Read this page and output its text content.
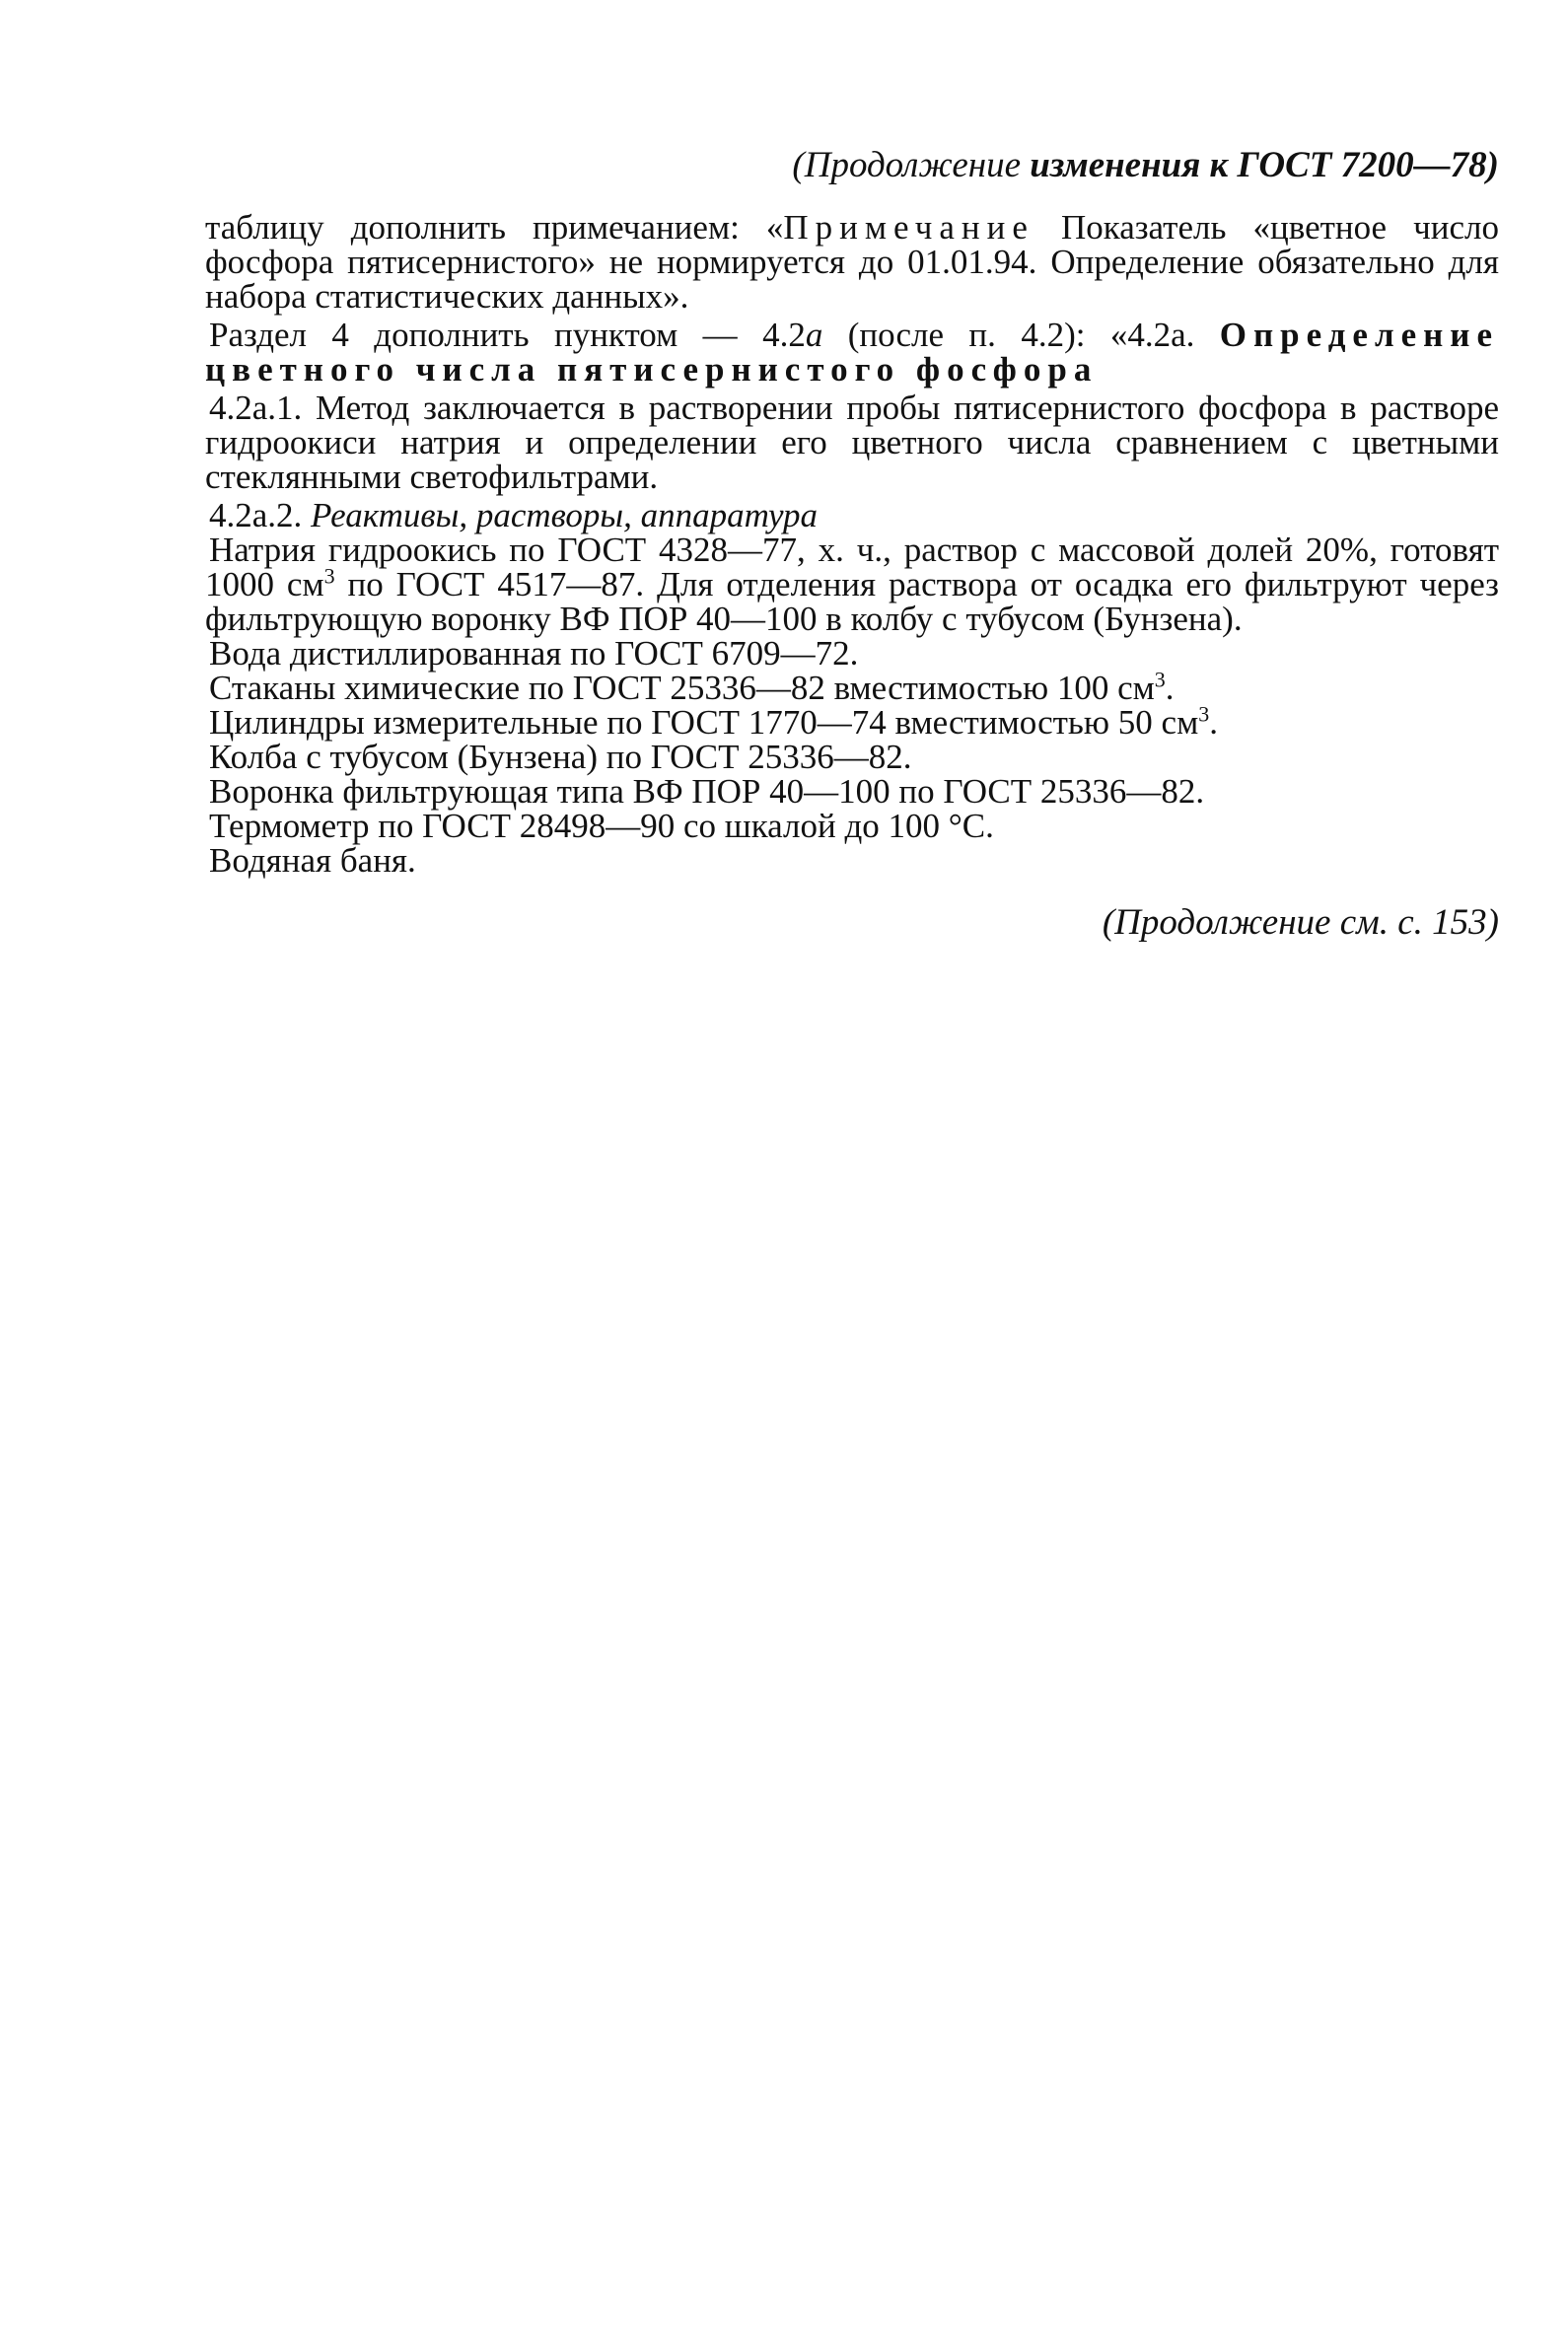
(Продолжение изменения к ГОСТ 7200—78)

таблицу дополнить примечанием: «Примечание Показатель «цветное число фосфора пятисернистого» не нормируется до 01.01.94. Определение обязательно для набора статистических данных».

Раздел 4 дополнить пунктом — 4.2а (после п. 4.2): «4.2а. Определение цветного числа пятисернистого фосфора

4.2а.1. Метод заключается в растворении пробы пятисернистого фосфора в растворе гидроокиси натрия и определении его цветного числа сравнением с цветными стеклянными светофильтрами.

4.2а.2. Реактивы, растворы, аппаратура

Натрия гидроокись по ГОСТ 4328—77, х. ч., раствор с массовой долей 20%, готовят 1000 $см^3$ по ГОСТ 4517—87. Для отделения раствора от осадка его фильтруют через фильтрующую воронку ВФ ПОР 40—100 в колбу с тубусом (Бунзена).

Вода дистиллированная по ГОСТ 6709—72.
Стаканы химические по ГОСТ 25336—82 вместимостью 100 $см^3$.
Цилиндры измерительные по ГОСТ 1770—74 вместимостью 50 $см^3$.
Колба с тубусом (Бунзена) по ГОСТ 25336—82.
Воронка фильтрующая типа ВФ ПОР 40—100 по ГОСТ 25336—82.
Термометр по ГОСТ 28498—90 со шкалой до 100 °С.
Водяная баня.
(Продолжение см. с. 153)
